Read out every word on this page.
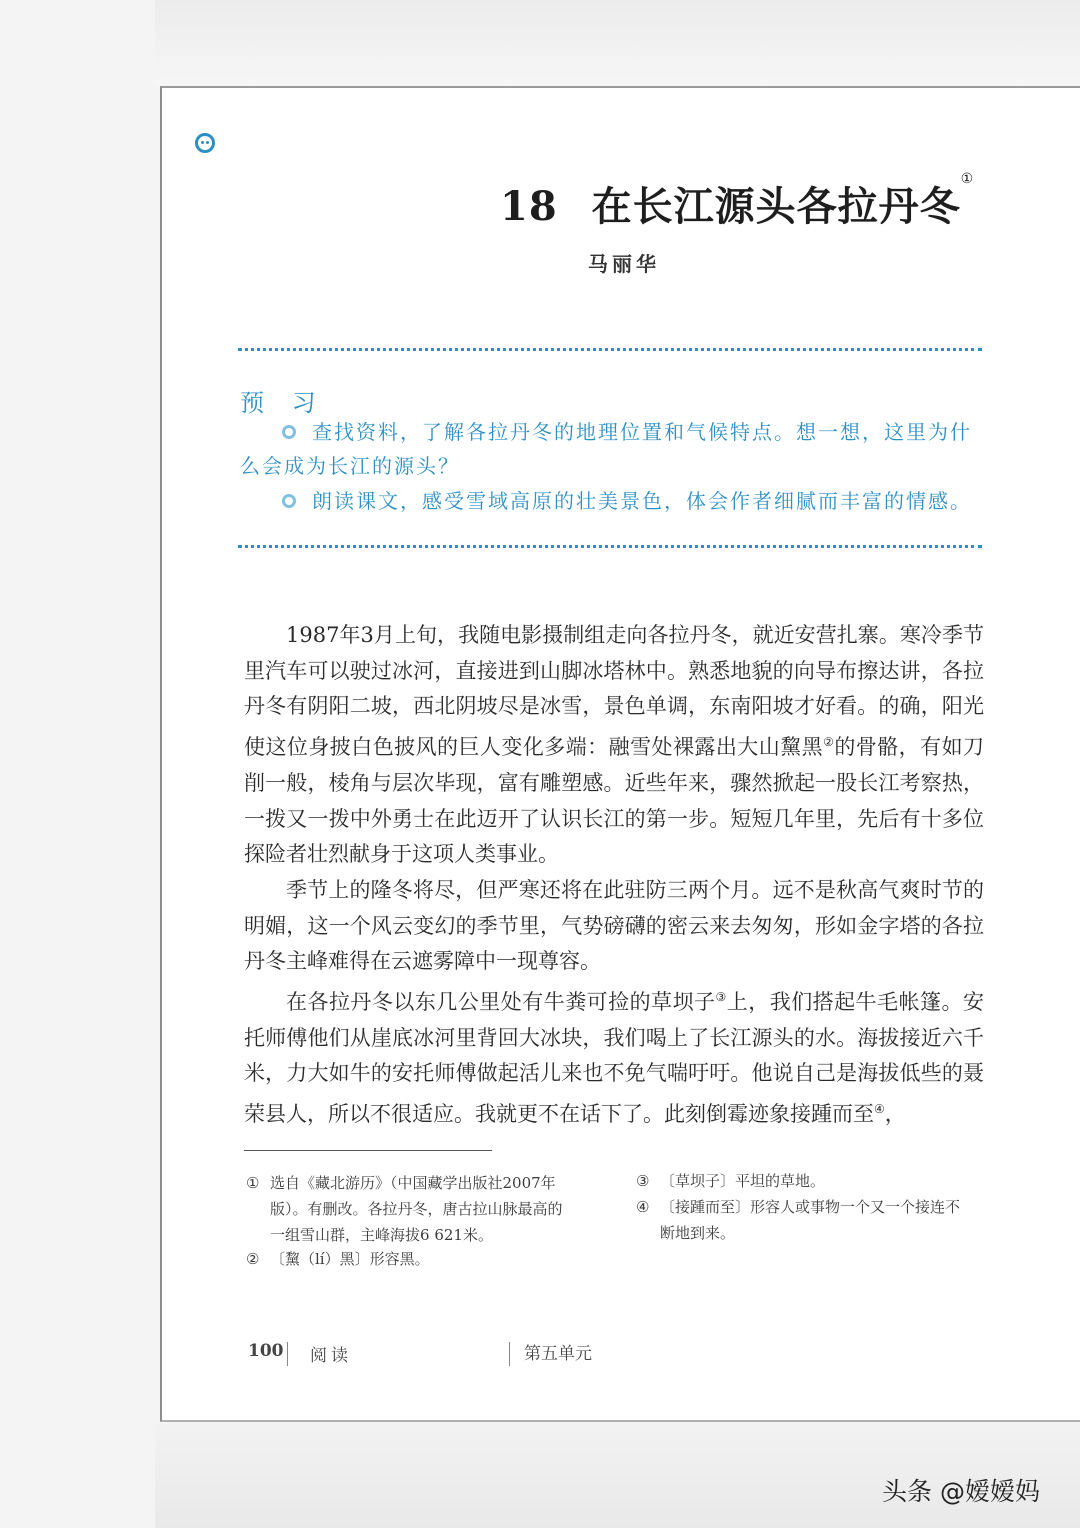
18 在长江源头各拉丹冬①
马丽华
预 习
查找资料，了解各拉丹冬的地理位置和气候特点。想一想，这里为什么会成为长江的源头？
朗读课文，感受雪域高原的壮美景色，体会作者细腻而丰富的情感。

1987年3月上旬，我随电影摄制组走向各拉丹冬，就近安营扎寨。寒冷季节里汽车可以驶过冰河，直接进到山脚冰塔林中。熟悉地貌的向导布擦达讲，各拉丹冬有阴阳二坡，西北阴坡尽是冰雪，景色单调，东南阳坡才好看。的确，阳光使这位身披白色披风的巨人变化多端：融雪处裸露出大山黧黑②的骨骼，有如刀削一般，棱角与层次毕现，富有雕塑感。近些年来，骤然掀起一股长江考察热，一拨又一拨中外勇士在此迈开了认识长江的第一步。短短几年里，先后有十多位探险者壮烈献身于这项人类事业。

季节上的隆冬将尽，但严寒还将在此驻防三两个月。远不是秋高气爽时节的明媚，这一个风云变幻的季节里，气势磅礴的密云来去匆匆，形如金字塔的各拉丹冬主峰难得在云遮雾障中一现尊容。

在各拉丹冬以东几公里处有牛粪可捡的草坝子③上，我们搭起牛毛帐篷。安托师傅他们从崖底冰河里背回大冰块，我们喝上了长江源头的水。海拔接近六千米，力大如牛的安托师傅做起活儿来也不免气喘吁吁。他说自己是海拔低些的聂荣县人，所以不很适应。我就更不在话下了。此刻倒霉迹象接踵而至④，

① 选自《藏北游历》（中国藏学出版社2007年
版）。有删改。各拉丹冬，唐古拉山脉最高的
一组雪山群，主峰海拔6 621米。
② 〔黧（lí）黑〕形容黑。
③ 〔草坝子〕平坦的草地。
④ 〔接踵而至〕形容人或事物一个又一个接连不
断地到来。
100 阅读	第五单元
头条 @嫒嫒妈
